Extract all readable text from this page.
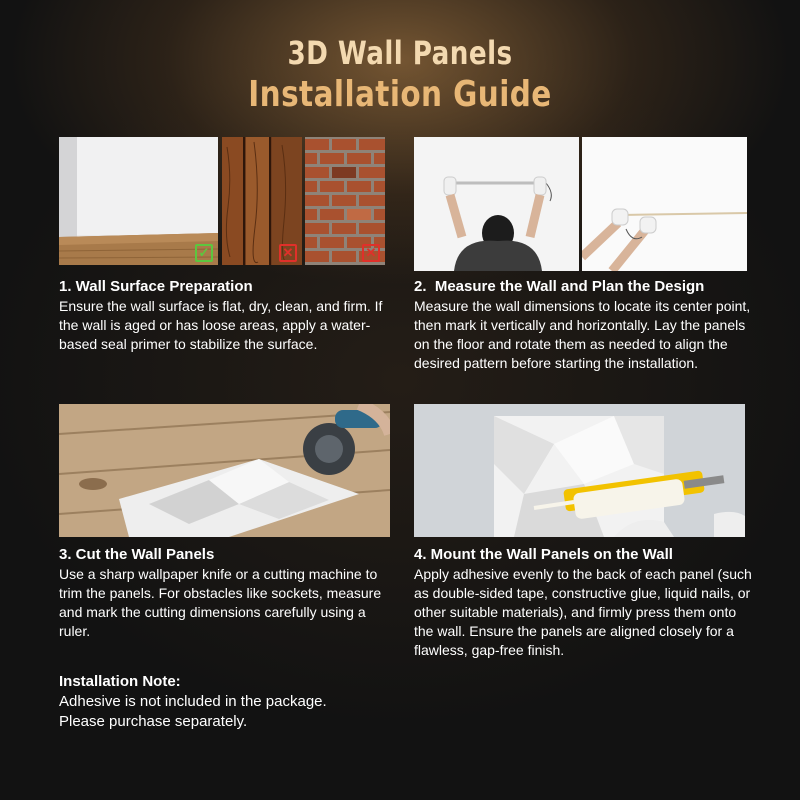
3D Wall Panels
Installation Guide
✓	✕	✕
1. Wall Surface Preparation
Ensure the wall surface is flat, dry, clean, and firm. If the wall is aged or has loose areas, apply a water-based seal primer to stabilize the surface.
2.  Measure the Wall and Plan the Design
Measure the wall dimensions to locate its center point, then mark it vertically and horizontally. Lay the panels on the floor and rotate them as needed to align the desired pattern before starting the installation.
3. Cut the Wall Panels
Use a sharp wallpaper knife or a cutting machine to trim the panels. For obstacles like sockets, measure and mark the cutting dimensions carefully using a ruler.
4. Mount the Wall Panels on the Wall
Apply adhesive evenly to the back of each panel (such as double-sided tape, constructive glue, liquid nails, or other suitable materials), and firmly press them onto the wall. Ensure the panels are aligned closely for a flawless, gap-free finish.
Installation Note:
Adhesive is not included in the package.
Please purchase separately.
